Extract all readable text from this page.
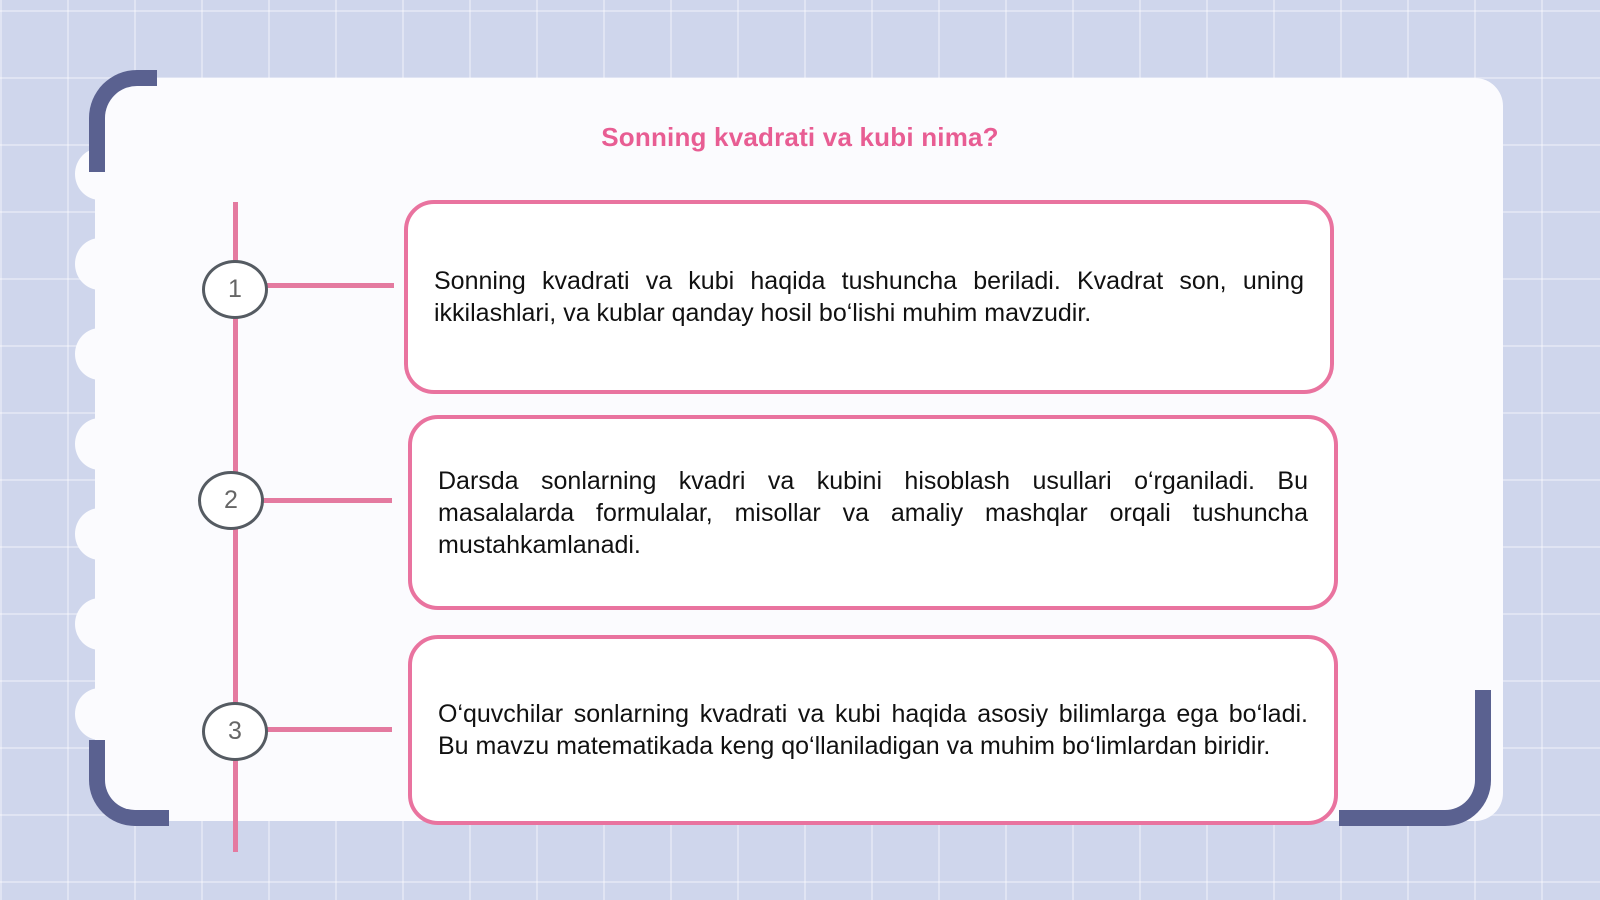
Sonning kvadrati va kubi nima?
1	Sonning kvadrati va kubi haqida tushuncha beriladi. Kvadrat son, uning ikkilashlari, va kublar qanday hosil bo‘lishi muhim mavzudir.

2

Darsda sonlarning kvadri va kubini hisoblash usullari o‘rganiladi. Bu masalalarda formulalar, misollar va amaliy mashqlar orqali tushuncha mustahkamlanadi.

3

O‘quvchilar sonlarning kvadrati va kubi haqida asosiy bilimlarga ega bo‘ladi. Bu mavzu matematikada keng qo‘llaniladigan va muhim bo‘limlardan biridir.
